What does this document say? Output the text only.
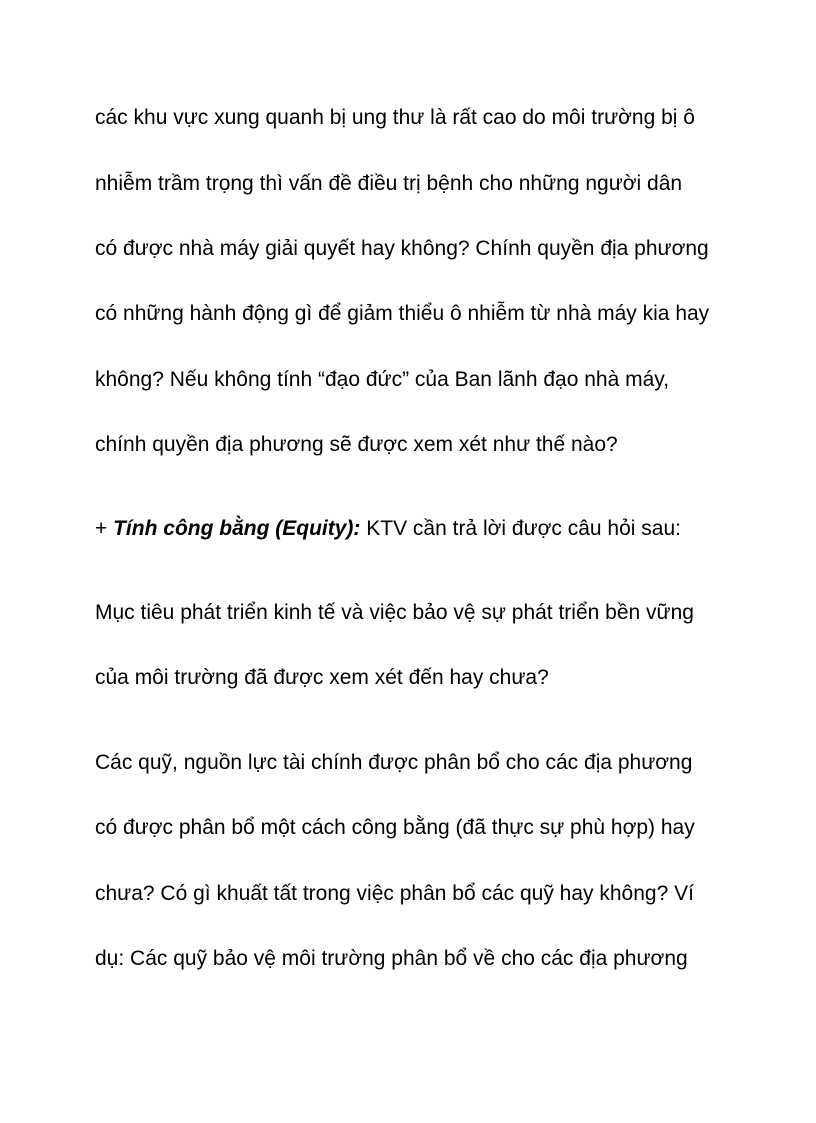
các khu vực xung quanh bị ung thư là rất cao do môi trường bị ô

nhiễm trầm trọng thì vấn đề điều trị bệnh cho những người dân

có được nhà máy giải quyết hay không? Chính quyền địa phương

có những hành động gì để giảm thiểu ô nhiễm từ nhà máy kia hay

không? Nếu không tính “đạo đức” của Ban lãnh đạo nhà máy,

chính quyền địa phương sẽ được xem xét như thế nào?

+ Tính công bằng (Equity): KTV cần trả lời được câu hỏi sau:

Mục tiêu phát triển kinh tế và việc bảo vệ sự phát triển bền vững

của môi trường đã được xem xét đến hay chưa?

Các quỹ, nguồn lực tài chính được phân bổ cho các địa phương

có được phân bổ một cách công bằng (đã thực sự phù hợp) hay

chưa? Có gì khuất tất trong việc phân bổ các quỹ hay không? Ví

dụ: Các quỹ bảo vệ môi trường phân bổ về cho các địa phương
